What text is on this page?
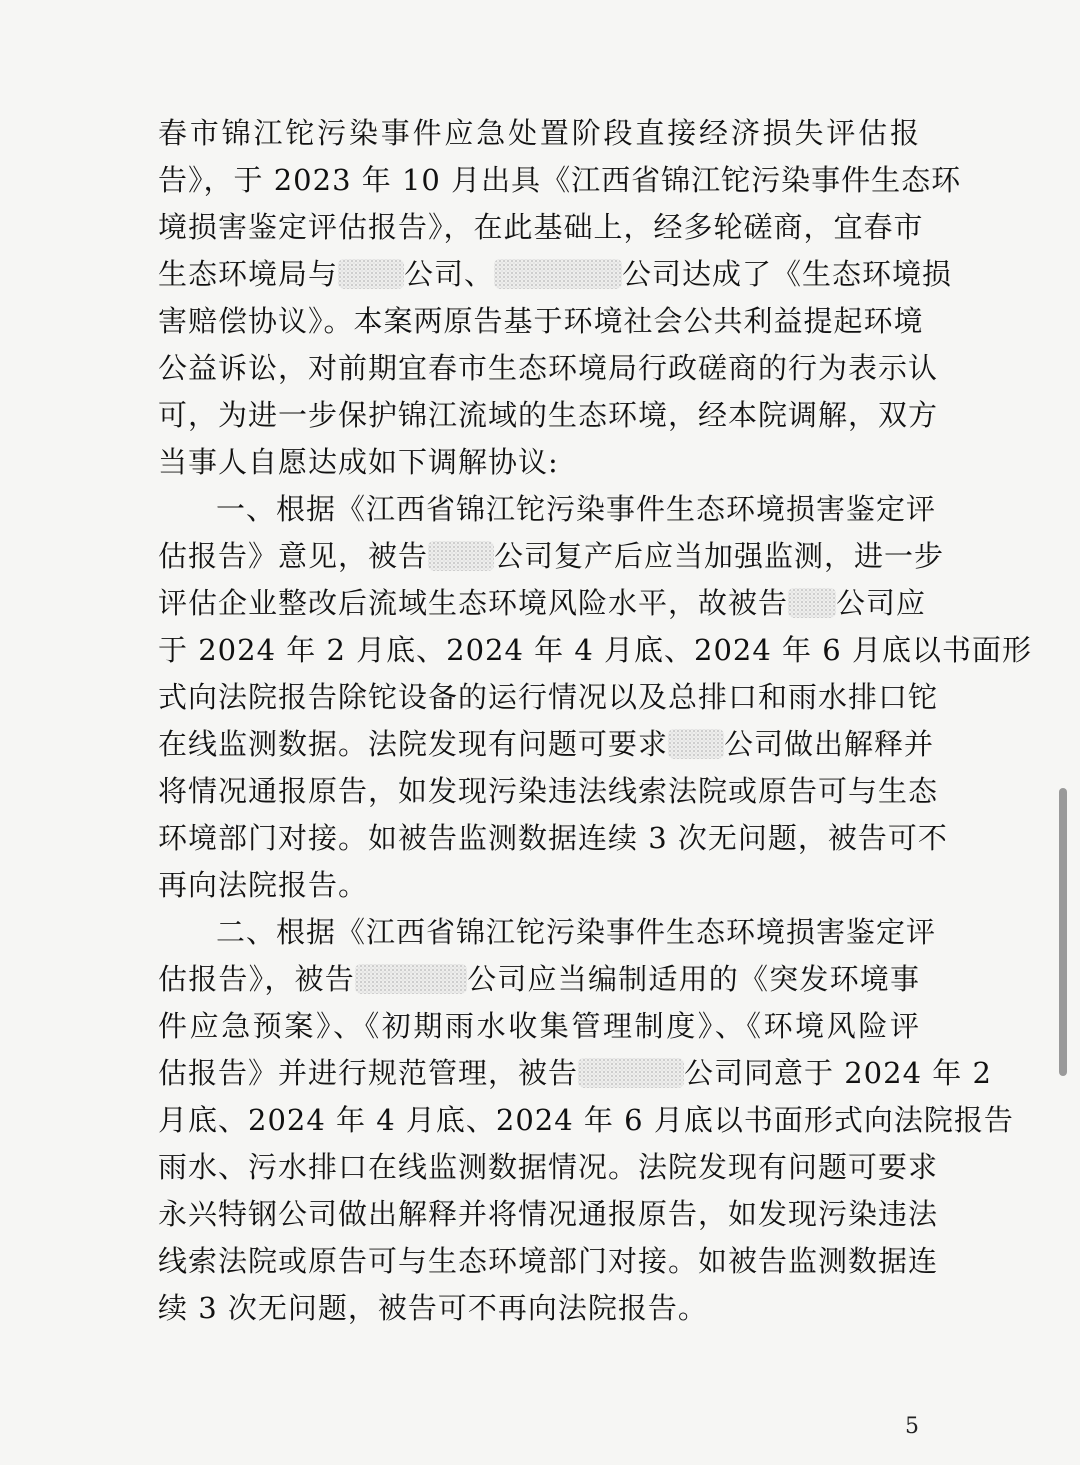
春市锦江铊污染事件应急处置阶段直接经济损失评估报
告》，于 2023 年 10 月出具《江西省锦江铊污染事件生态环
境损害鉴定评估报告》，在此基础上，经多轮磋商，宜春市
生态环境局与 公司、	公司达成了《生态环境损
害赔偿协议》。本案两原告基于环境社会公共利益提起环境
公益诉讼，对前期宜春市生态环境局行政磋商的行为表示认
可，为进一步保护锦江流域的生态环境，经本院调解，双方
当事人自愿达成如下调解协议:
一、根据《江西省锦江铊污染事件生态环境损害鉴定评
估报告》意见，被告 公司复产后应当加强监测，进一步
评估企业整改后流域生态环境风险水平，故被告 公司应
于 2024 年 2 月底、2024 年 4 月底、2024 年 6 月底以书面形
式向法院报告除铊设备的运行情况以及总排口和雨水排口铊
在线监测数据。法院发现有问题可要求 公司做出解释并
将情况通报原告，如发现污染违法线索法院或原告可与生态
环境部门对接。如被告监测数据连续 3 次无问题，被告可不
再向法院报告。
二、根据《江西省锦江铊污染事件生态环境损害鉴定评
估报告》，被告	公司应当编制适用的《突发环境事
件应急预案》、《初期雨水收集管理制度》、《环境风险评
估报告》并进行规范管理，被告	公司同意于 2024 年 2
月底、2024 年 4 月底、2024 年 6 月底以书面形式向法院报告
雨水、污水排口在线监测数据情况。法院发现有问题可要求
永兴特钢公司做出解释并将情况通报原告，如发现污染违法
线索法院或原告可与生态环境部门对接。如被告监测数据连
续 3 次无问题，被告可不再向法院报告。
5
